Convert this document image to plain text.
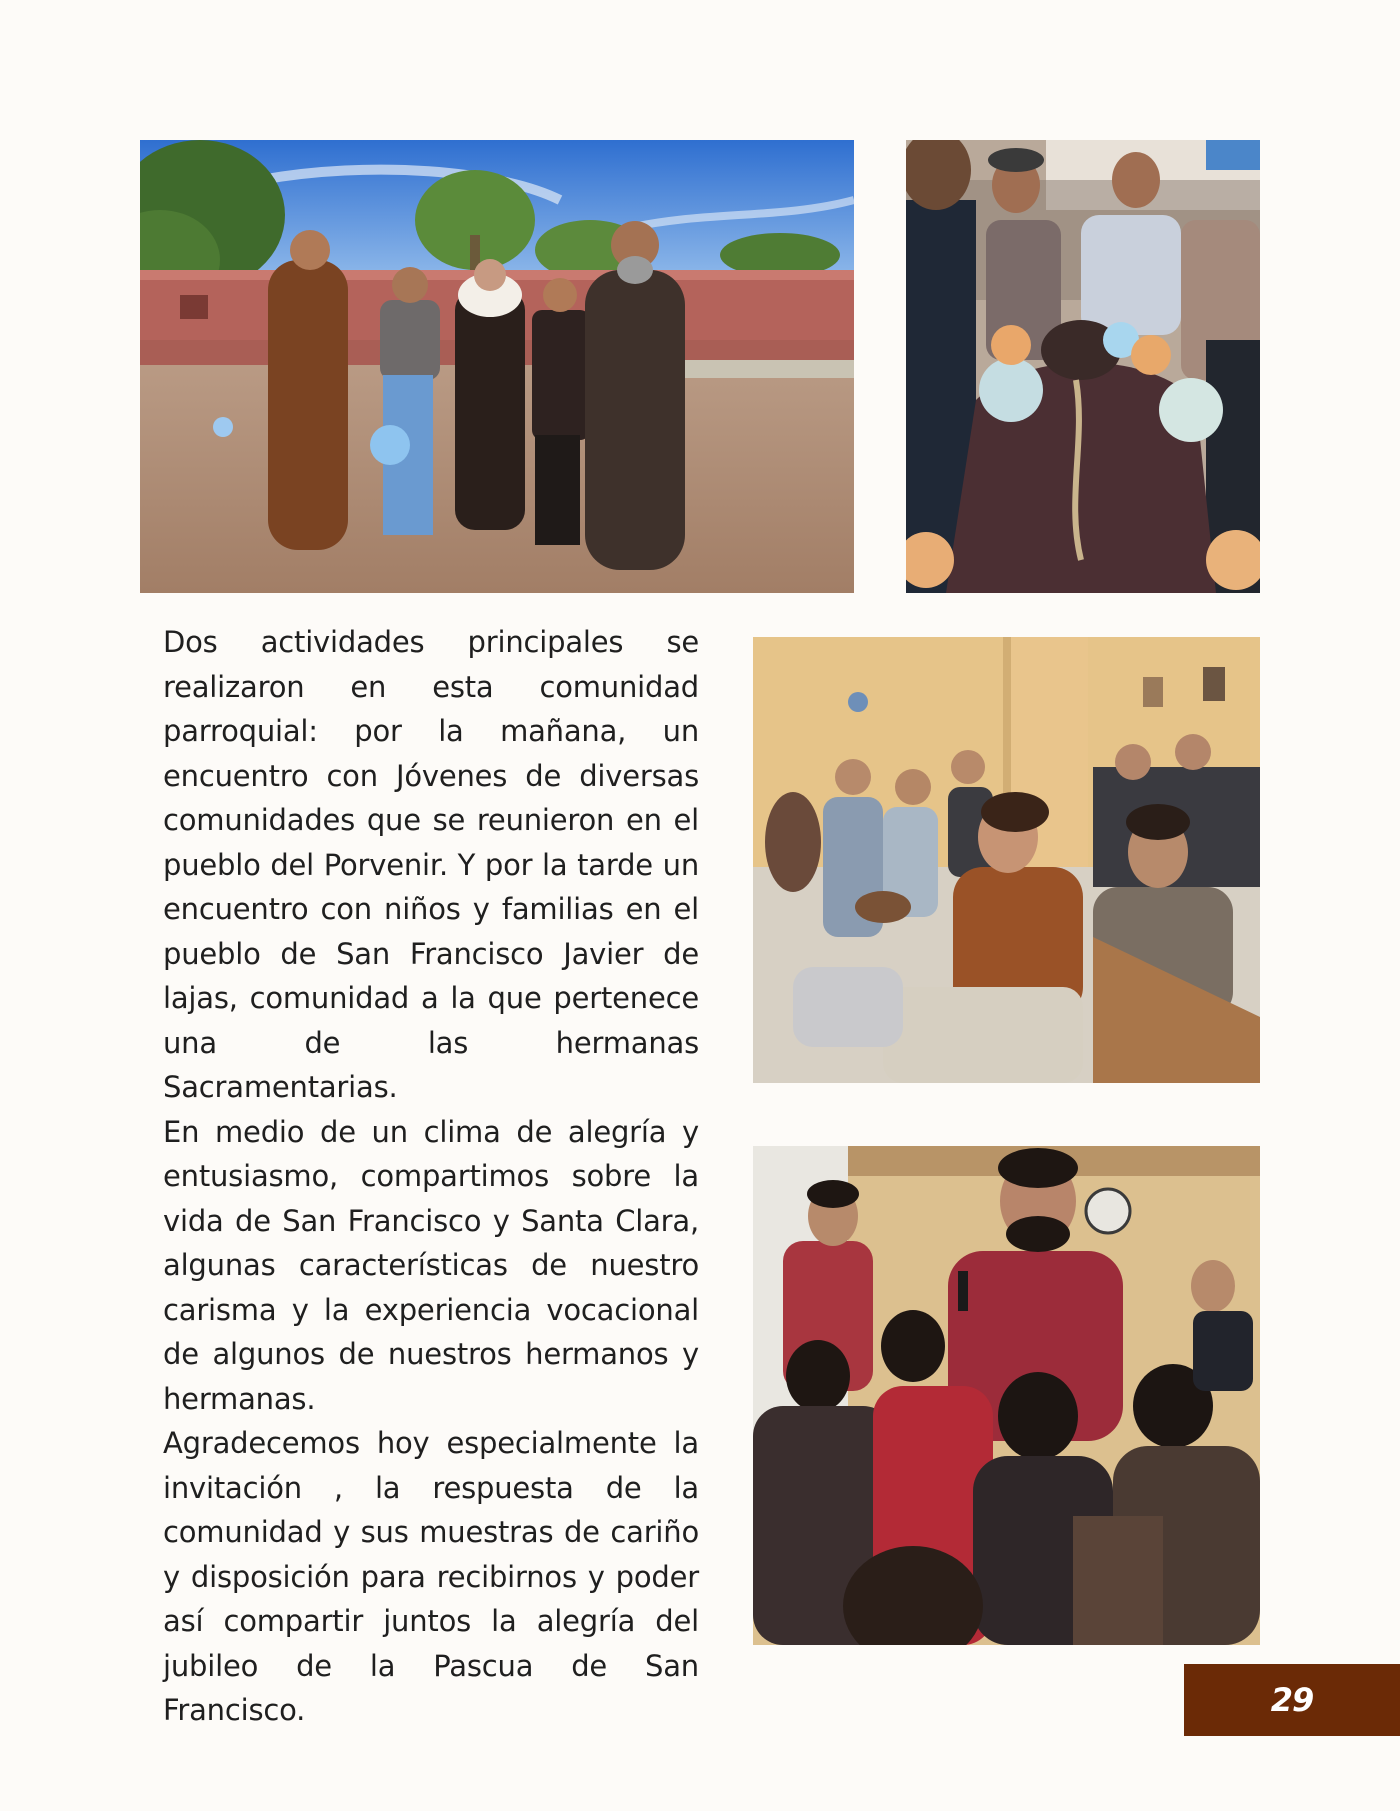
Dos actividades principales se realizaron en esta comunidad parroquial: por la mañana, un encuentro con Jóvenes de diversas comunidades que se reunieron en el pueblo del Porvenir. Y por la tarde un encuentro con niños y familias en el pueblo de San Francisco Javier de lajas, comunidad a la que pertenece una de las hermanas Sacramentarias.

En medio de un clima de alegría y entusiasmo, compartimos sobre la vida de San Francisco y Santa Clara, algunas características de nuestro carisma y la experiencia vocacional de algunos de nuestros hermanos y hermanas.

Agradecemos hoy especialmente la invitación , la respuesta de la comunidad y sus muestras de cariño y disposición para recibirnos y poder así compartir juntos la alegría del jubileo de la Pascua de San Francisco.	29
